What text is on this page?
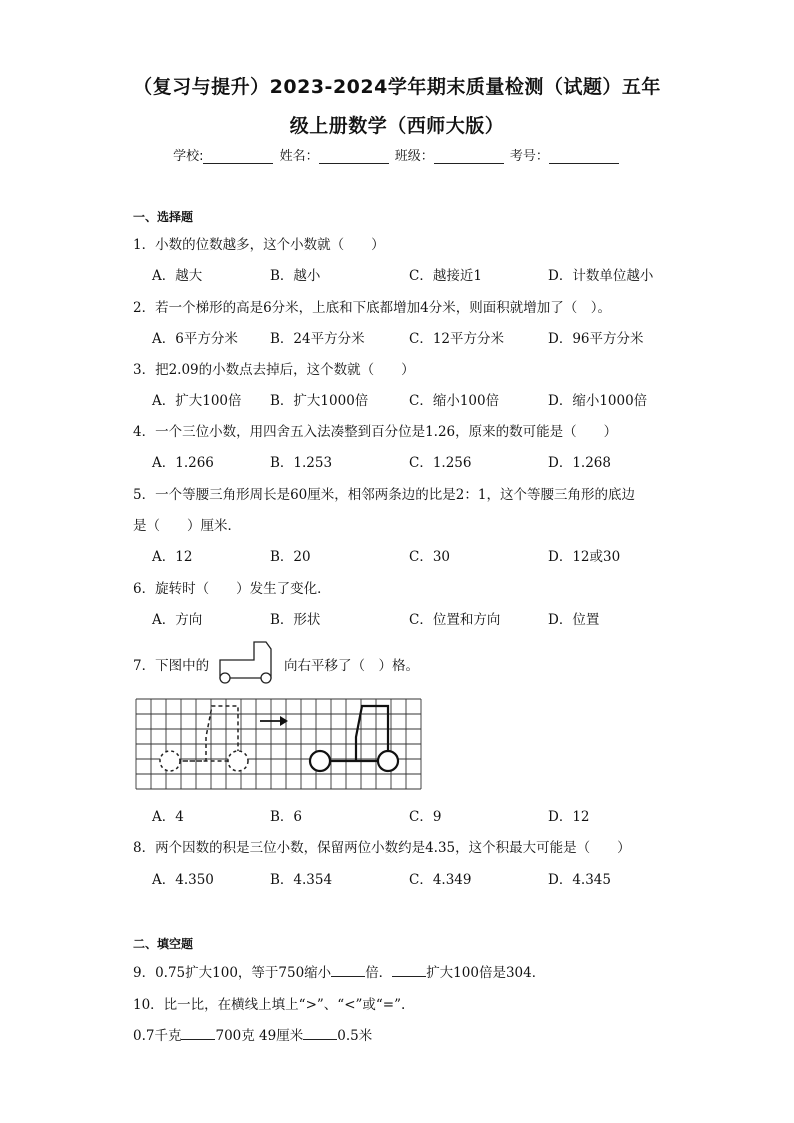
（复习与提升）2023-2024学年期末质量检测（试题）五年
级上册数学（西师大版）
学校:	姓名：	班级：	考号：
一、选择题
1．小数的位数越多，这个小数就（　　）
A．越大	B．越小	C．越接近1	D．计数单位越小
2．若一个梯形的高是6分米，上底和下底都增加4分米，则面积就增加了（　）。
A．6平方分米 B．24平方分米	C．12平方分米	D．96平方分米
3．把2.09的小数点去掉后，这个数就（　　）
A．扩大100倍 B．扩大1000倍	C．缩小100倍	D．缩小1000倍
4．一个三位小数，用四舍五入法凑整到百分位是1.26，原来的数可能是（　　）
A．1.266	B．1.253	C．1.256	D．1.268
5．一个等腰三角形周长是60厘米，相邻两条边的比是2：1，这个等腰三角形的底边
是（　　）厘米．
A．12	B．20	C．30	D．12或30
6．旋转时（　　）发生了变化．
A．方向	B．形状	C．位置和方向	D．位置
7．下图中的	向右平移了（　）格。
A．4	B．6	C．9	D．12
8．两个因数的积是三位小数，保留两位小数约是4.35，这个积最大可能是（　　）
A．4.350	B．4.354	C．4.349	D．4.345
二、填空题
9．0.75扩大100，等于750缩小	倍．	扩大100倍是304．
10．比一比，在横线上填上“>”、“<”或“=”.
0.7千克	700克 49厘米	0.5米
